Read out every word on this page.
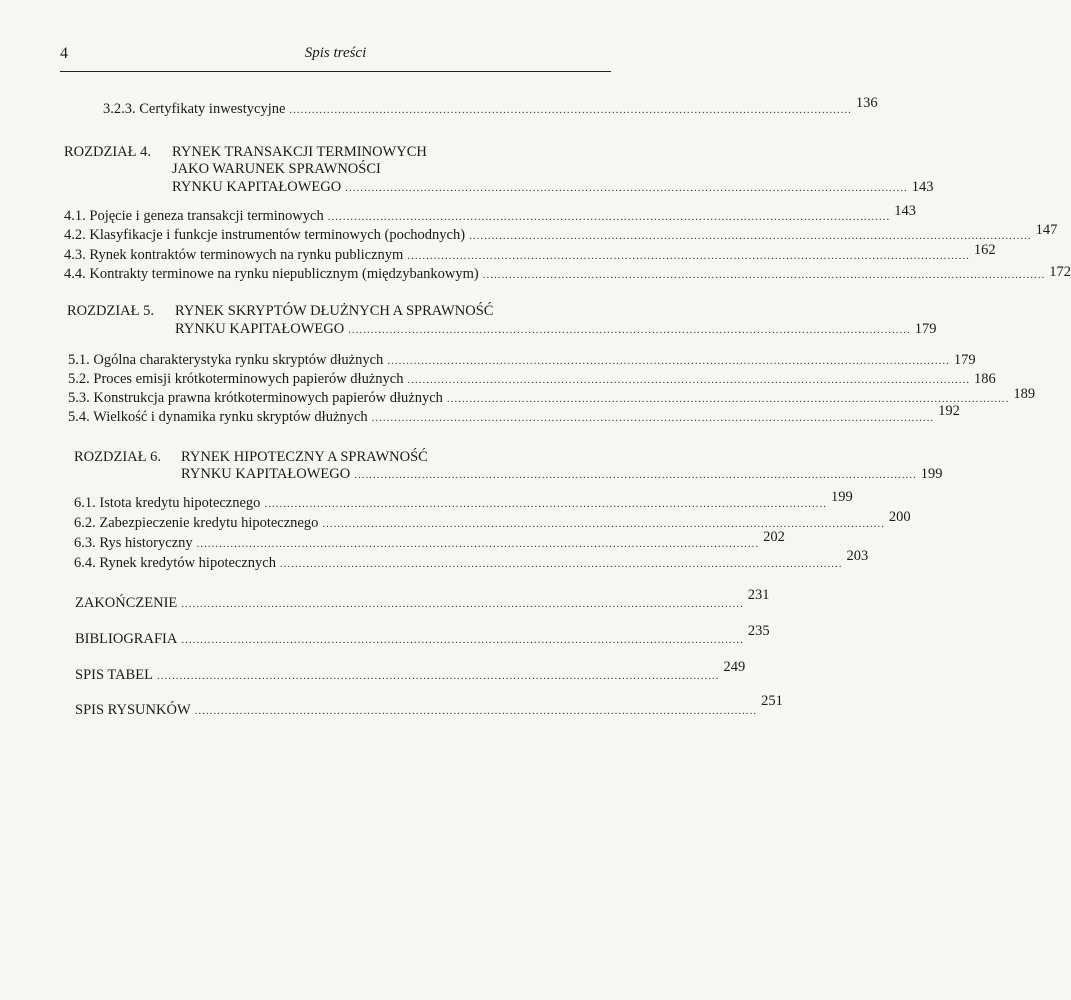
4	Spis treści
3.2.3. Certyfikaty inwestycyjne ...................................................................................................................................................... 136
ROZDZIAŁ 4. RYNEK TRANSAKCJI TERMINOWYCH
JAKO WARUNEK SPRAWNOŚCI
RYNKU KAPITAŁOWEGO ...................................................................................................................................................... 143
4.1. Pojęcie i geneza transakcji terminowych ...................................................................................................................................................... 143
4.2. Klasyfikacje i funkcje instrumentów terminowych (pochodnych) ...................................................................................................................................................... 147
4.3. Rynek kontraktów terminowych na rynku publicznym ...................................................................................................................................................... 162
4.4. Kontrakty terminowe na rynku niepublicznym (międzybankowym) ...................................................................................................................................................... 172
ROZDZIAŁ 5. RYNEK SKRYPTÓW DŁUŻNYCH A SPRAWNOŚĆ
RYNKU KAPITAŁOWEGO ...................................................................................................................................................... 179
5.1. Ogólna charakterystyka rynku skryptów dłużnych ...................................................................................................................................................... 179
5.2. Proces emisji krótkoterminowych papierów dłużnych ...................................................................................................................................................... 186
5.3. Konstrukcja prawna krótkoterminowych papierów dłużnych ...................................................................................................................................................... 189
5.4. Wielkość i dynamika rynku skryptów dłużnych ...................................................................................................................................................... 192
ROZDZIAŁ 6. RYNEK HIPOTECZNY A SPRAWNOŚĆ
RYNKU KAPITAŁOWEGO ...................................................................................................................................................... 199
6.1. Istota kredytu hipotecznego ...................................................................................................................................................... 199
6.2. Zabezpieczenie kredytu hipotecznego ...................................................................................................................................................... 200
6.3. Rys historyczny ...................................................................................................................................................... 202
6.4. Rynek kredytów hipotecznych ...................................................................................................................................................... 203
ZAKOŃCZENIE ......................................................................................................................................................
231
BIBLIOGRAFIA ......................................................................................................................................................
235
SPIS TABEL ......................................................................................................................................................
249
SPIS RYSUNKÓW ......................................................................................................................................................
251
